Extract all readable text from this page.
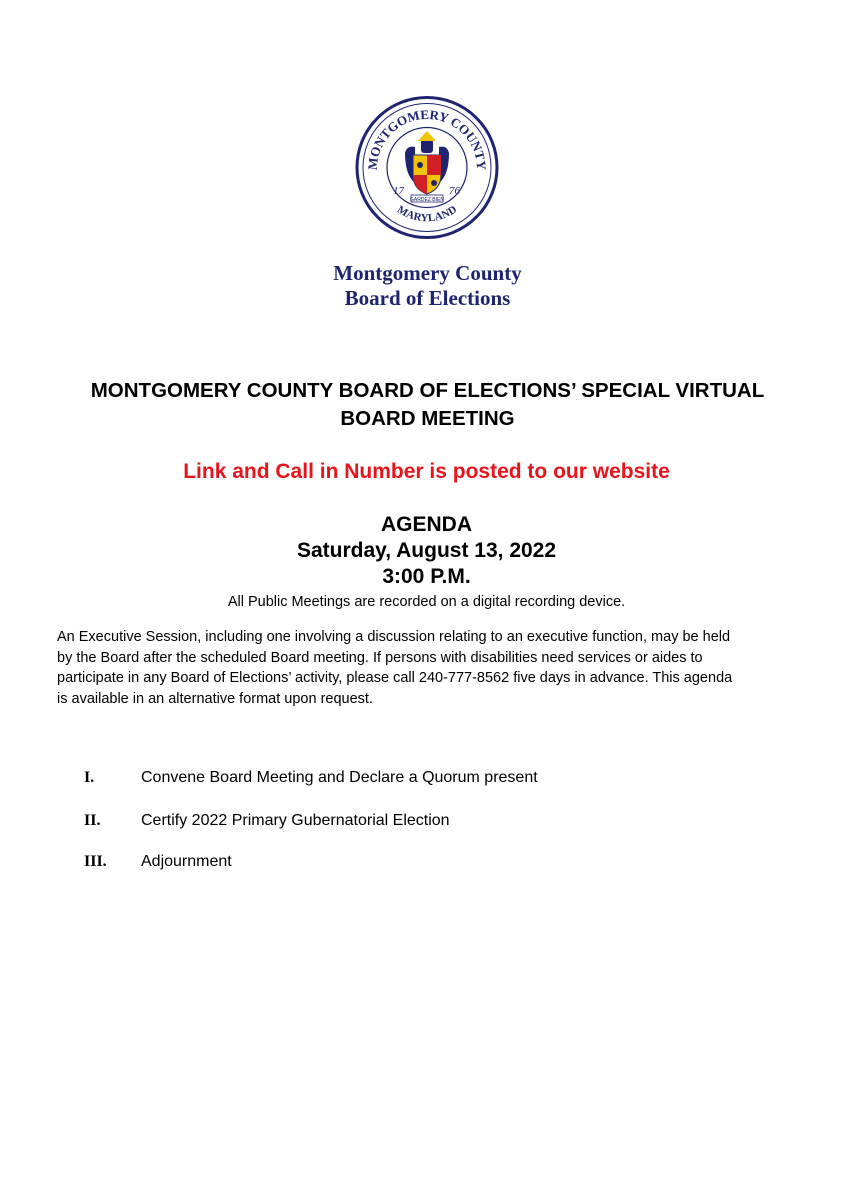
MONTGOMERY COUNTY
MARYLAND
17	76
GARDEZ BIEN
Montgomery County
Board of Elections
MONTGOMERY COUNTY BOARD OF ELECTIONS’ SPECIAL VIRTUAL
BOARD MEETING
Link and Call in Number is posted to our website
AGENDA
Saturday, August 13, 2022
3:00 P.M.
All Public Meetings are recorded on a digital recording device.
An Executive Session, including one involving a discussion relating to an executive function, may be held
by the Board after the scheduled Board meeting. If persons with disabilities need services or aides to
participate in any Board of Elections’ activity, please call 240-777-8562 five days in advance. This agenda
is available in an alternative format upon request.
I.	Convene Board Meeting and Declare a Quorum present
II.	Certify 2022 Primary Gubernatorial Election
III. Adjournment
